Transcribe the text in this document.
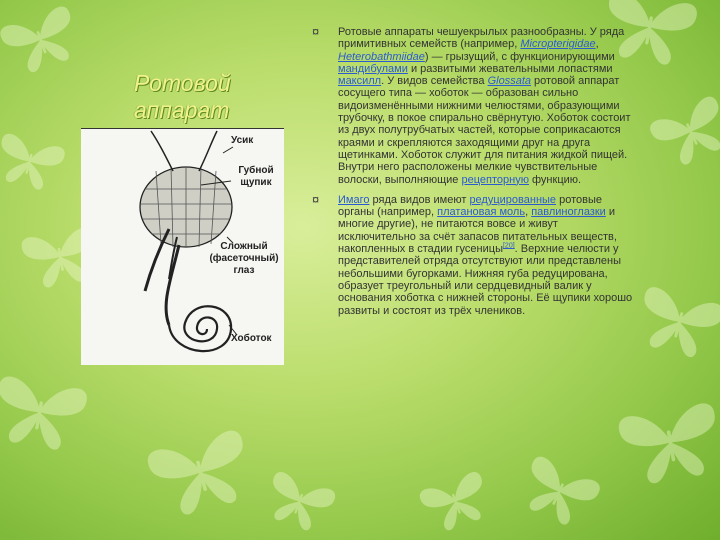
Ротовой
аппарат
Усик
Губной
щупик
Сложный
(фасеточный)
глаз
Хоботок

¤ Ротовые аппараты чешуекрылых разнообразны. У ряда примитивных семейств (например, Micropterigidae, Heterobathmiidae) — грызущий, с функционирующими мандибулами и развитыми жевательными лопастями максилл. У видов семейства Glossata ротовой аппарат сосущего типа — хоботок — образован сильно видоизменёнными нижними челюстями, образующими трубочку, в покое спирально свёрнутую. Хоботок состоит из двух полутрубчатых частей, которые соприкасаются краями и скрепляются заходящими друг на друга щетинками. Хоботок служит для питания жидкой пищей. Внутри него расположены мелкие чувствительные волоски, выполняющие рецепторную функцию.

¤ Имаго ряда видов имеют редуцированные ротовые органы (например, платановая моль, павлиноглазки и многие другие), не питаются вовсе и живут исключительно за счёт запасов питательных веществ, накопленных в стадии гусеницы[20]. Верхние челюсти у представителей отряда отсутствуют или представлены небольшими бугорками. Нижняя губа редуцирована, образует треугольный или сердцевидный валик у основания хоботка с нижней стороны. Её щупики хорошо развиты и состоят из трёх члеников.
